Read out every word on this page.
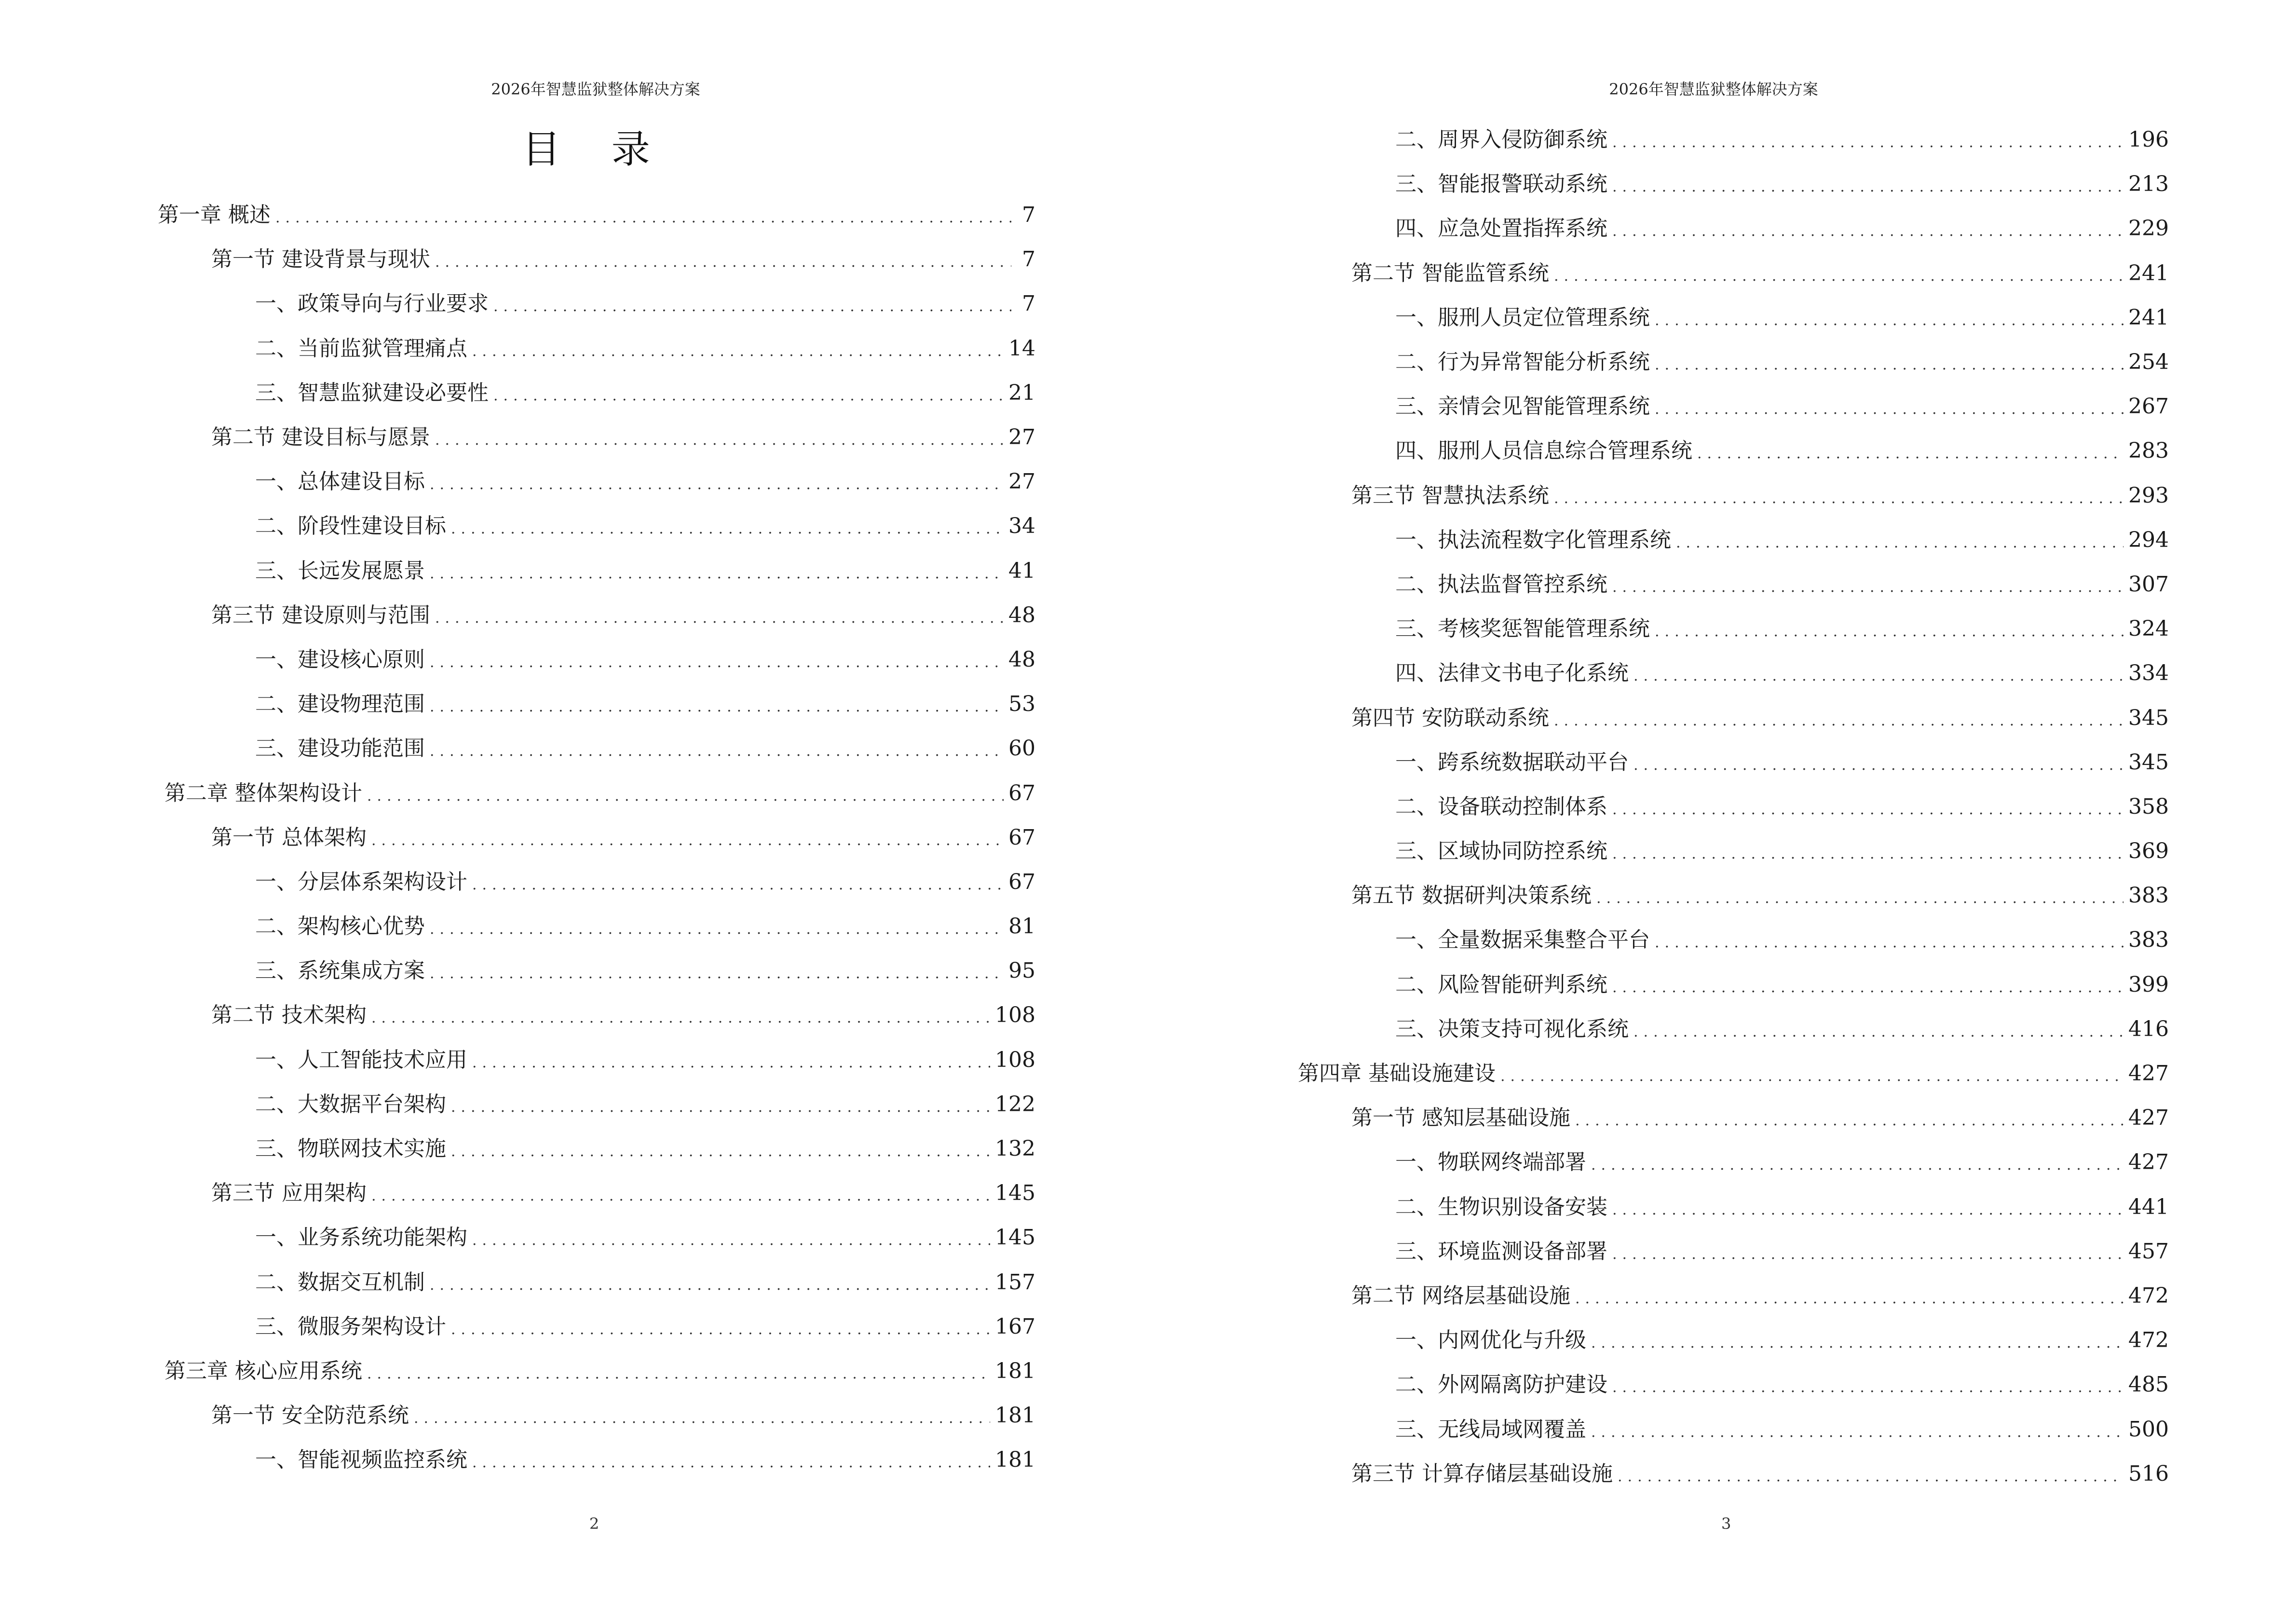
2026年智慧监狱整体解决方案
目 录
第一章 概述 .....	7
第一节 建设背景与现状 .....	7
一、政策导向与行业要求 .....	7
二、当前监狱管理痛点 .....	14
三、智慧监狱建设必要性 .....	21
第二节 建设目标与愿景 .....	27
一、总体建设目标 .....	27
二、阶段性建设目标 .....	34
三、长远发展愿景 .....	41
第三节 建设原则与范围 .....	48
一、建设核心原则 .....	48
二、建设物理范围 .....	53
三、建设功能范围 .....	60
第二章 整体架构设计 .....	67
第一节 总体架构 .....	67
一、分层体系架构设计 .....	67
二、架构核心优势 .....	81
三、系统集成方案 .....	95
第二节 技术架构 .....	108
一、人工智能技术应用 .....	108
二、大数据平台架构 .....	122
三、物联网技术实施 .....	132
第三节 应用架构 .....	145
一、业务系统功能架构 .....	145
二、数据交互机制 .....	157
三、微服务架构设计 .....	167
第三章 核心应用系统 .....	181
第一节 安全防范系统 .....	181
一、智能视频监控系统 .....	181
2
2026年智慧监狱整体解决方案
二、周界入侵防御系统 .....	196
三、智能报警联动系统 .....	213
四、应急处置指挥系统 .....	229
第二节 智能监管系统 .....	241
一、服刑人员定位管理系统 .....	241
二、行为异常智能分析系统 .....	254
三、亲情会见智能管理系统 .....	267
四、服刑人员信息综合管理系统 .....	283
第三节 智慧执法系统 .....	293
一、执法流程数字化管理系统 .....	294
二、执法监督管控系统 .....	307
三、考核奖惩智能管理系统 .....	324
四、法律文书电子化系统 .....	334
第四节 安防联动系统 .....	345
一、跨系统数据联动平台 .....	345
二、设备联动控制体系 .....	358
三、区域协同防控系统 .....	369
第五节 数据研判决策系统 .....	383
一、全量数据采集整合平台 .....	383
二、风险智能研判系统 .....	399
三、决策支持可视化系统 .....	416
第四章 基础设施建设 .....	427
第一节 感知层基础设施 .....	427
一、物联网终端部署 .....	427
二、生物识别设备安装 .....	441
三、环境监测设备部署 .....	457
第二节 网络层基础设施 .....	472
一、内网优化与升级 .....	472
二、外网隔离防护建设 .....	485
三、无线局域网覆盖 .....	500
第三节 计算存储层基础设施 .....	516
3
